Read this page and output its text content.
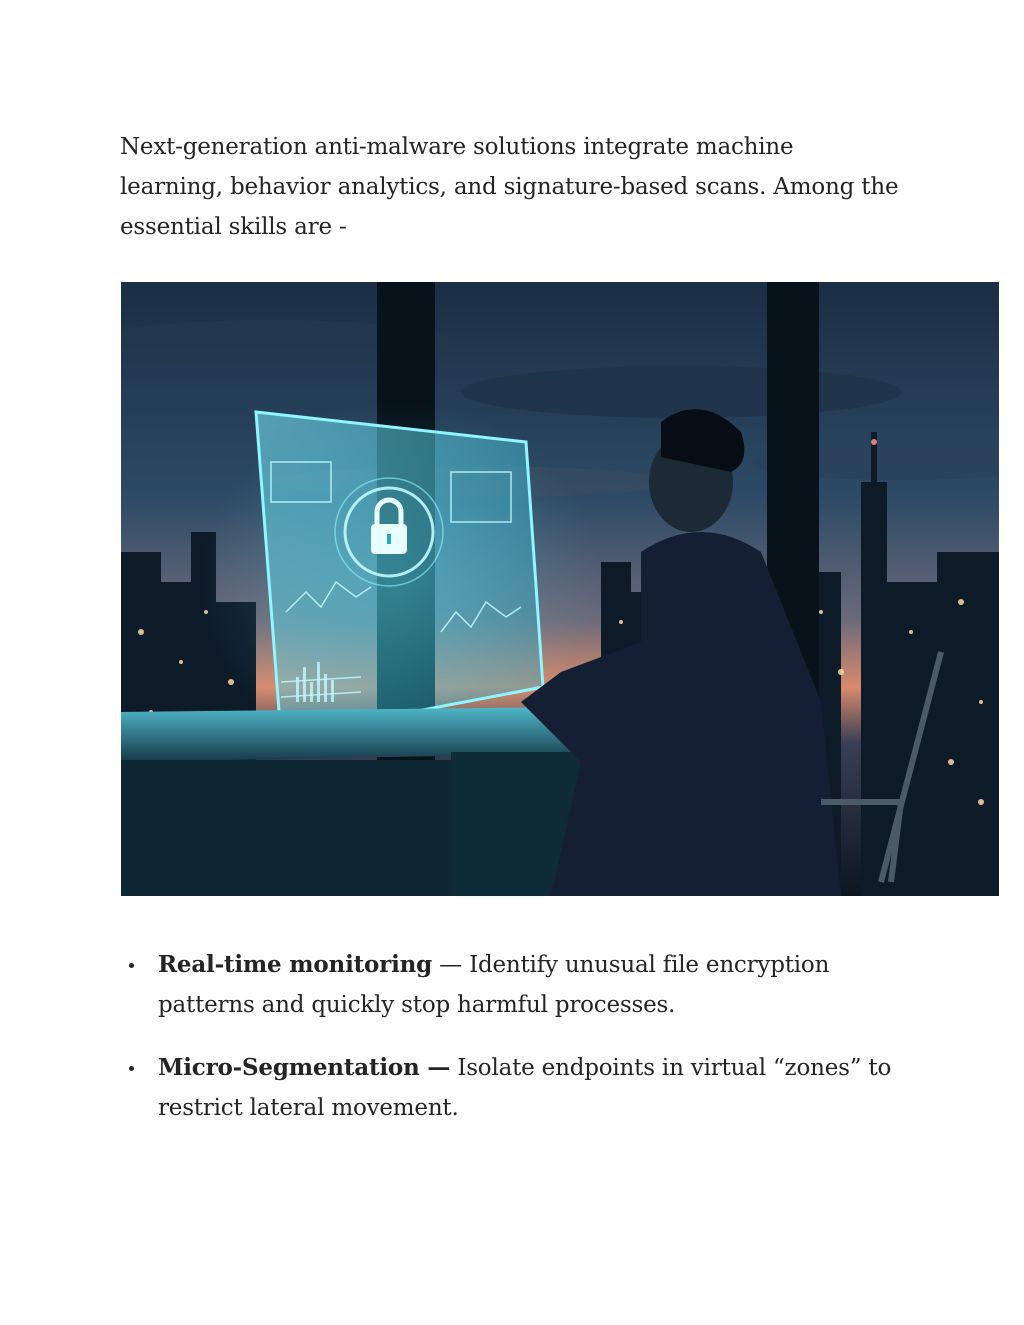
Next-generation anti-malware solutions integrate machine learning, behavior analytics, and signature-based scans. Among the essential skills are -

Real-time monitoring — Identify unusual file encryption patterns and quickly stop harmful processes.
Micro-Segmentation — Isolate endpoints in virtual “zones” to restrict lateral movement.
